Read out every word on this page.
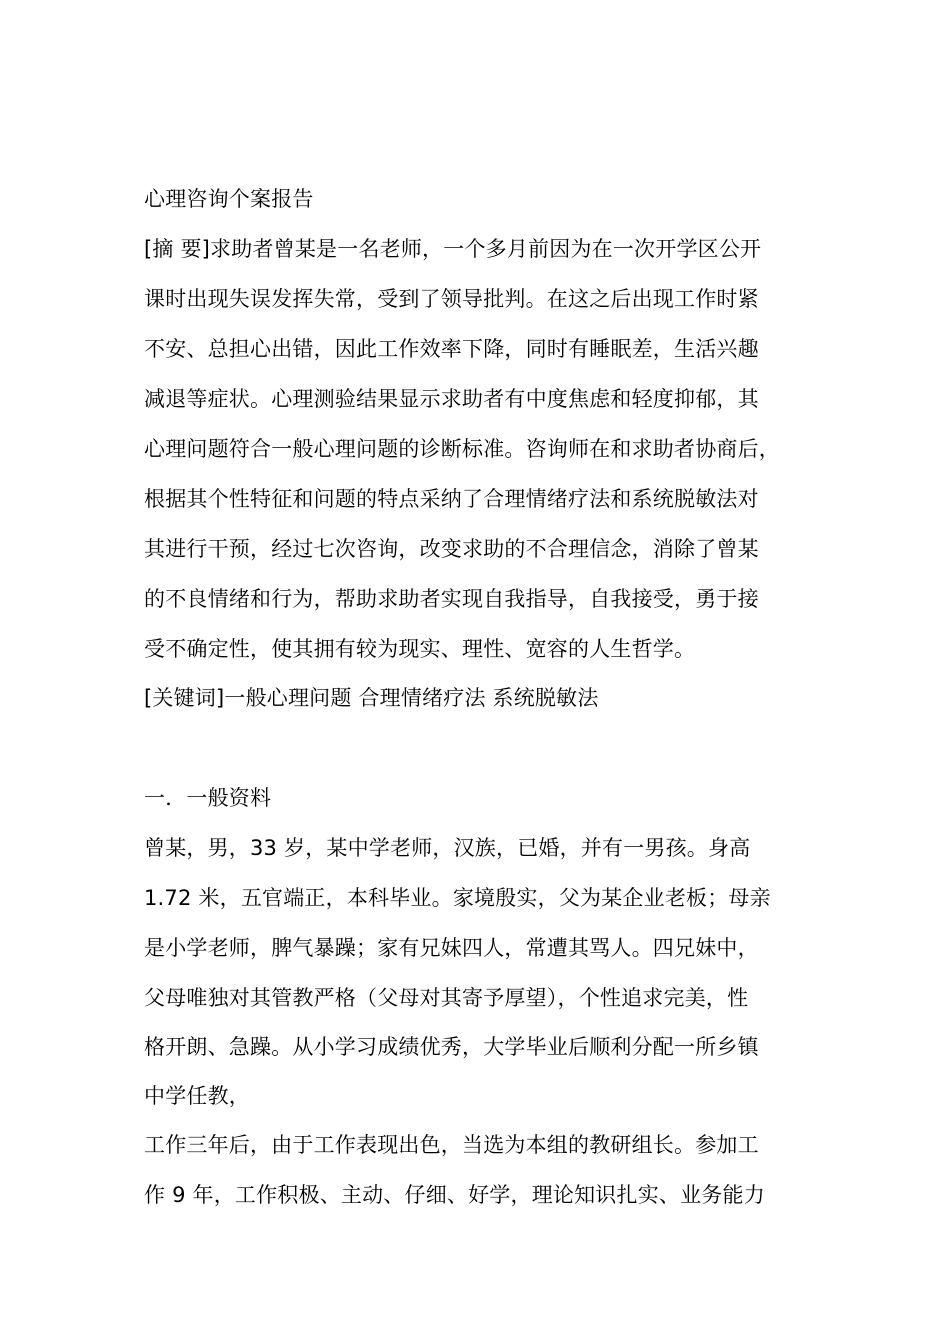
心理咨询个案报告
[摘 要]求助者曾某是一名老师，一个多月前因为在一次开学区公开
课时出现失误发挥失常，受到了领导批判。在这之后出现工作时紧
不安、总担心出错，因此工作效率下降，同时有睡眠差，生活兴趣
减退等症状。心理测验结果显示求助者有中度焦虑和轻度抑郁，其
心理问题符合一般心理问题的诊断标准。咨询师在和求助者协商后，
根据其个性特征和问题的特点采纳了合理情绪疗法和系统脱敏法对
其进行干预，经过七次咨询，改变求助的不合理信念，消除了曾某
的不良情绪和行为，帮助求助者实现自我指导，自我接受，勇于接
受不确定性，使其拥有较为现实、理性、宽容的人生哲学。
[关键词]一般心理问题 合理情绪疗法 系统脱敏法
一．一般资料
曾某，男，33 岁，某中学老师，汉族，已婚，并有一男孩。身高
1.72 米，五官端正，本科毕业。家境殷实，父为某企业老板；母亲
是小学老师，脾气暴躁；家有兄妹四人，常遭其骂人。四兄妹中，
父母唯独对其管教严格（父母对其寄予厚望），个性追求完美，性
格开朗、急躁。从小学习成绩优秀，大学毕业后顺利分配一所乡镇
中学任教，
工作三年后，由于工作表现出色，当选为本组的教研组长。参加工
作 9 年，工作积极、主动、仔细、好学，理论知识扎实、业务能力
